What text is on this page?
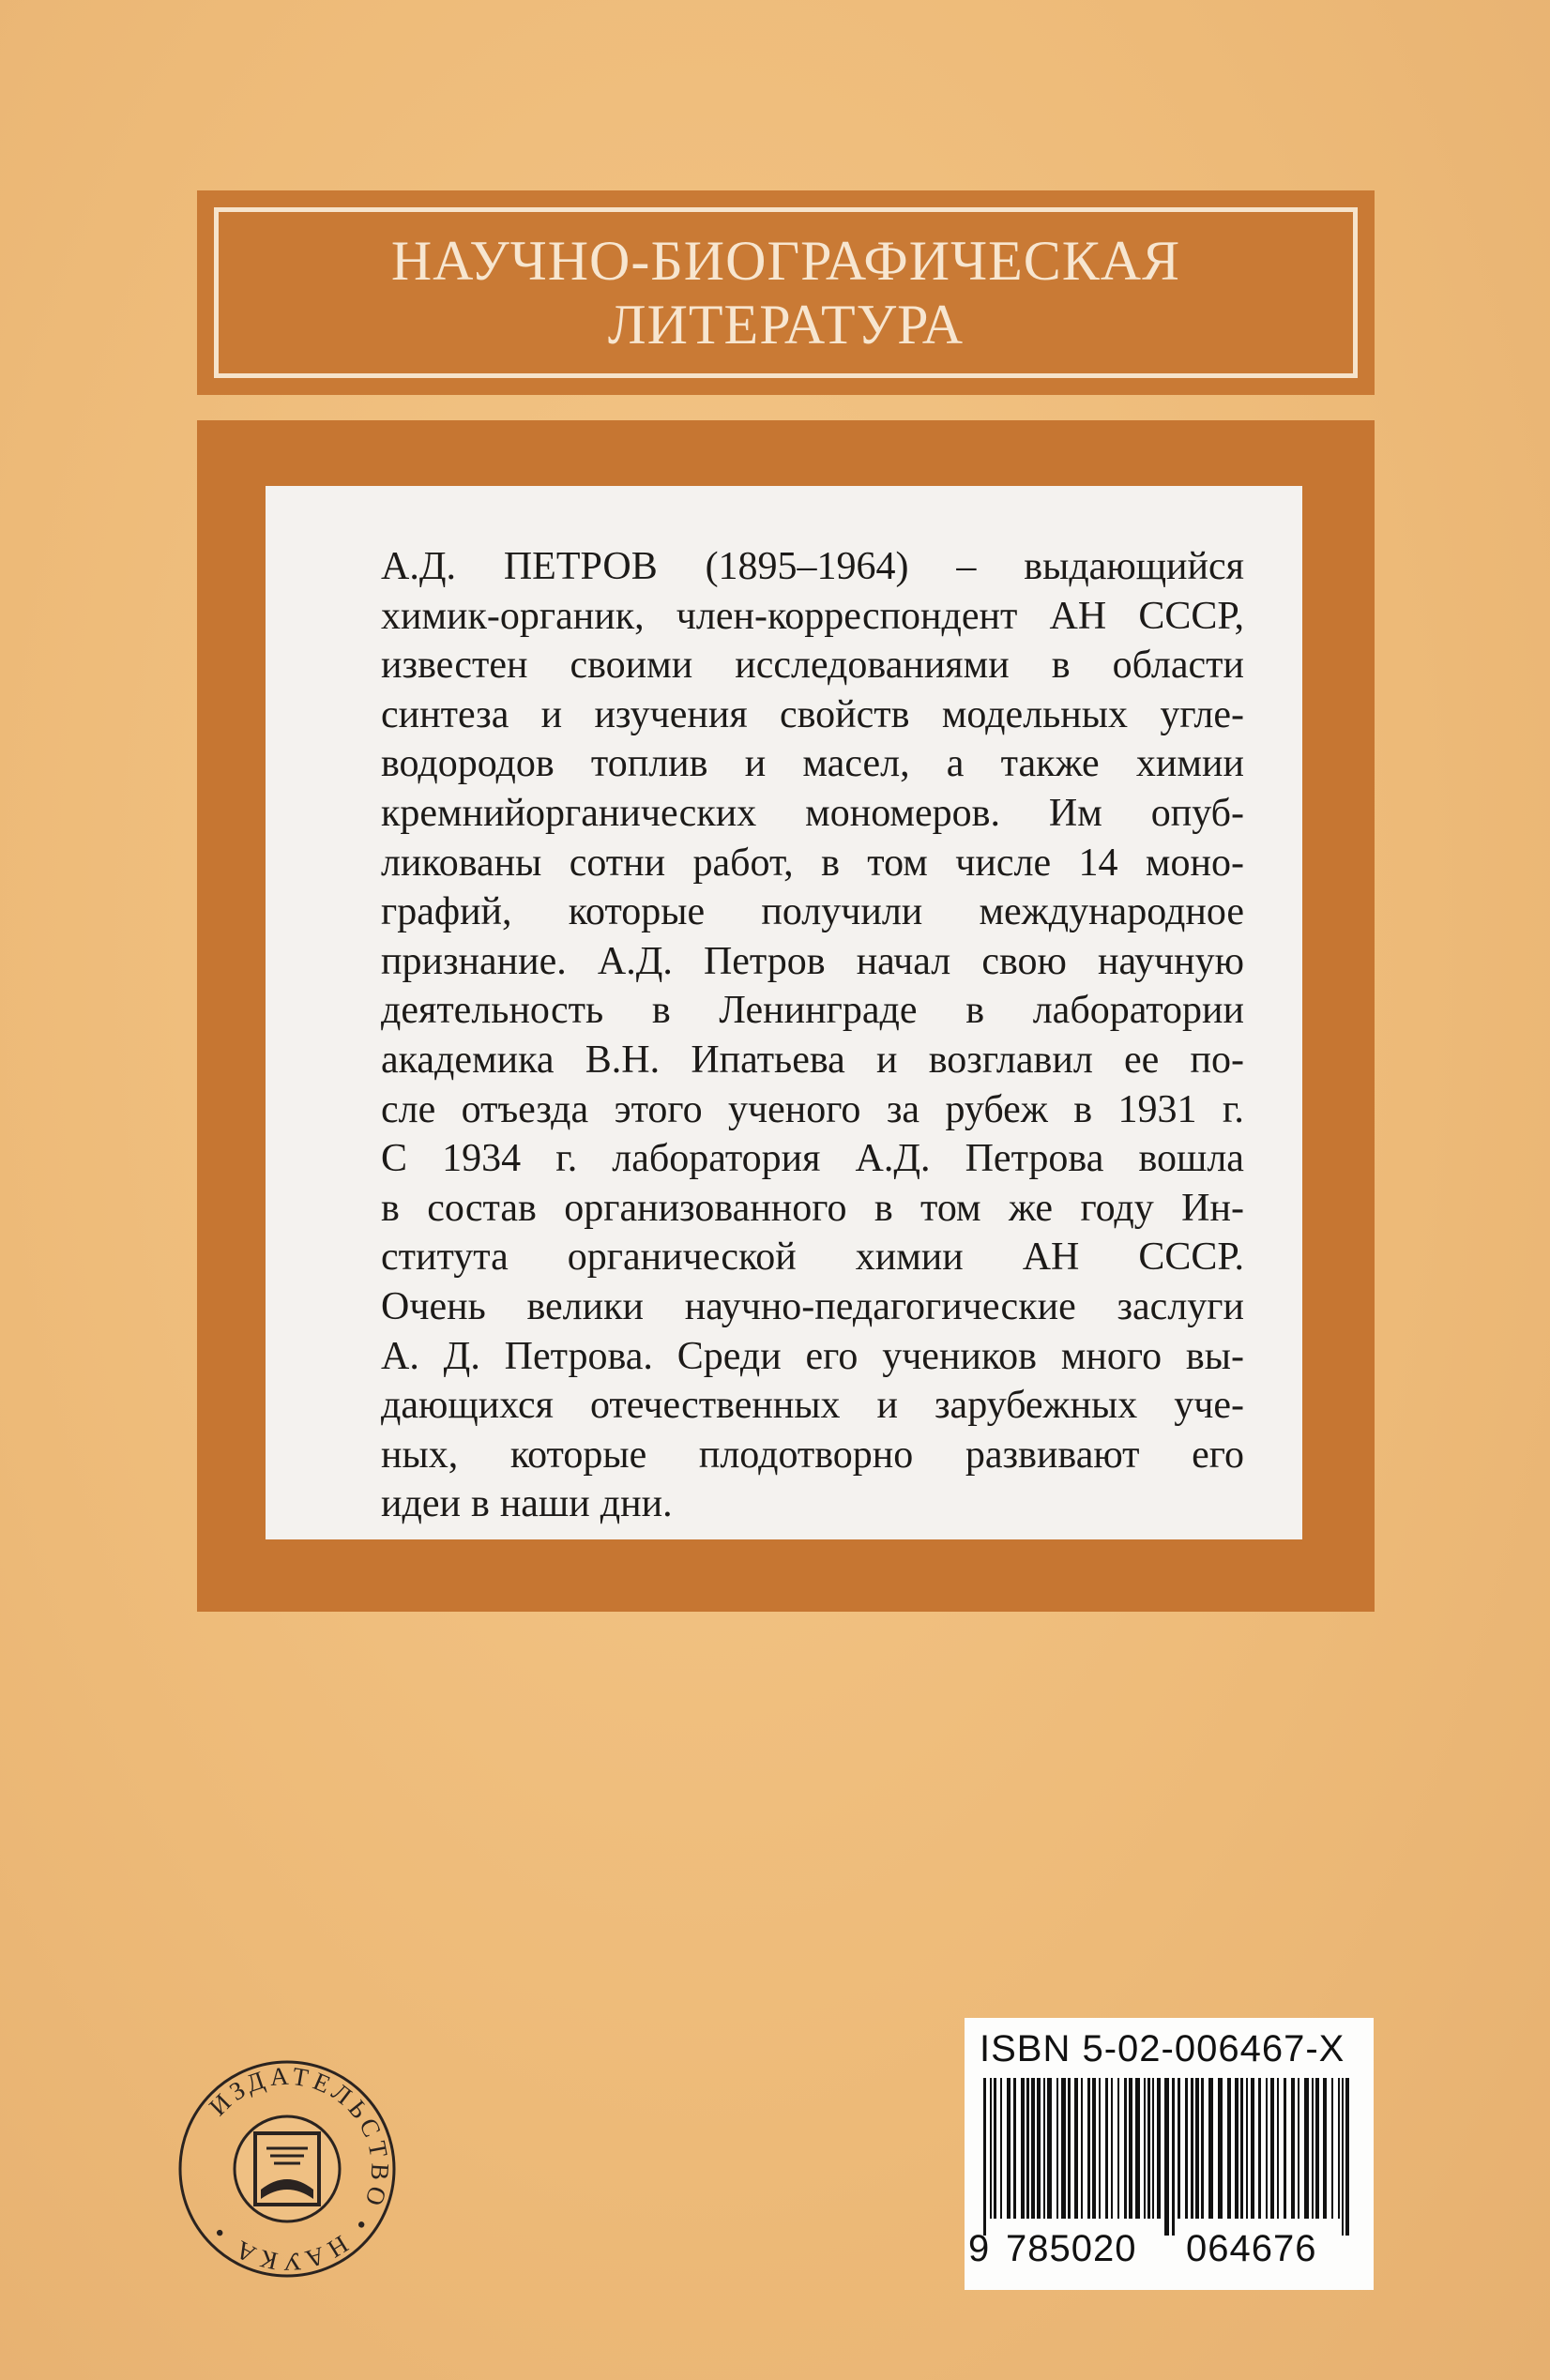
НАУЧНО-БИОГРАФИЧЕСКАЯ
ЛИТЕРАТУРА
А.Д. ПЕТРОВ (1895–1964) – выдающийся
химик-органик, член-корреспондент АН СССР,
известен своими исследованиями в области
синтеза и изучения свойств модельных угле-
водородов топлив и масел, а также химии
кремнийорганических мономеров. Им опуб-
ликованы сотни работ, в том числе 14 моно-
графий, которые получили международное
признание. А.Д. Петров начал свою научную
деятельность в Ленинграде в лаборатории
академика В.Н. Ипатьева и возглавил ее по-
сле отъезда этого ученого за рубеж в 1931 г.
С 1934 г. лаборатория А.Д. Петрова вошла
в состав организованного в том же году Ин-
ститута органической химии АН СССР.
Очень велики научно-педагогические заслуги
А. Д. Петрова. Среди его учеников много вы-
дающихся отечественных и зарубежных уче-
ных, которые плодотворно развивают его
идеи в наши дни.
ИЗДАТЕЛЬСТВО • НАУКА •
ISBN 5-02-006467-X
9 785020 064676
